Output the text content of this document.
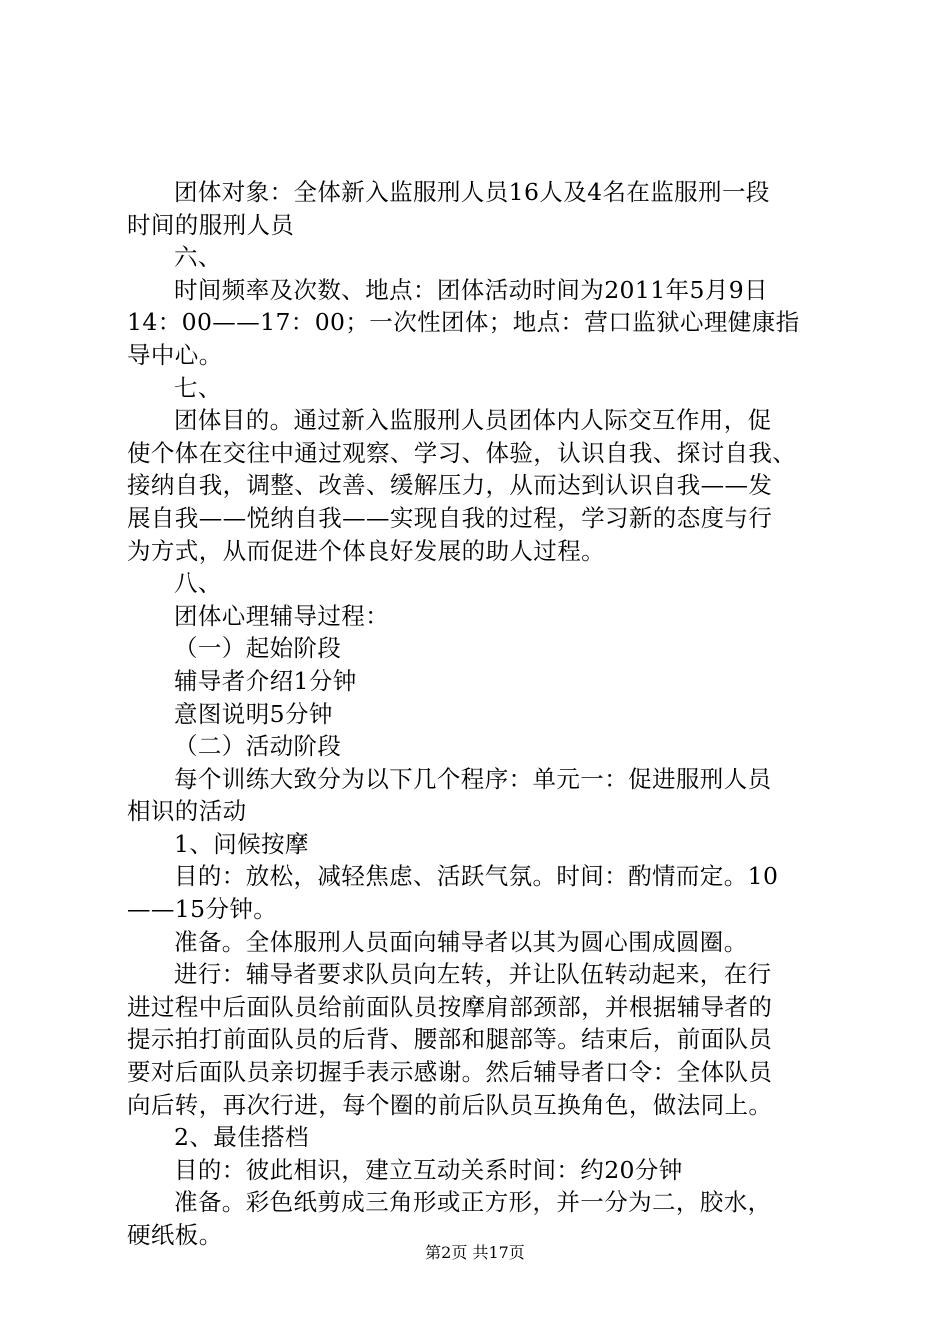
团体对象：全体新入监服刑人员16人及4名在监服刑一段
时间的服刑人员
六、
时间频率及次数、地点：团体活动时间为2011年5月9日
14：00——17：00；一次性团体；地点：营口监狱心理健康指
导中心。
七、
团体目的。通过新入监服刑人员团体内人际交互作用，促
使个体在交往中通过观察、学习、体验，认识自我、探讨自我、
接纳自我，调整、改善、缓解压力，从而达到认识自我——发
展自我——悦纳自我——实现自我的过程，学习新的态度与行
为方式，从而促进个体良好发展的助人过程。
八、
团体心理辅导过程：
（一）起始阶段
辅导者介绍1分钟
意图说明5分钟
（二）活动阶段
每个训练大致分为以下几个程序：单元一：促进服刑人员
相识的活动
1、问候按摩
目的：放松，减轻焦虑、活跃气氛。时间：酌情而定。10
——15分钟。
准备。全体服刑人员面向辅导者以其为圆心围成圆圈。
进行：辅导者要求队员向左转，并让队伍转动起来，在行
进过程中后面队员给前面队员按摩肩部颈部，并根据辅导者的
提示拍打前面队员的后背、腰部和腿部等。结束后，前面队员
要对后面队员亲切握手表示感谢。然后辅导者口令：全体队员
向后转，再次行进，每个圈的前后队员互换角色，做法同上。
2、最佳搭档
目的：彼此相识，建立互动关系时间：约20分钟
准备。彩色纸剪成三角形或正方形，并一分为二，胶水，
硬纸板。
第2页 共17页
